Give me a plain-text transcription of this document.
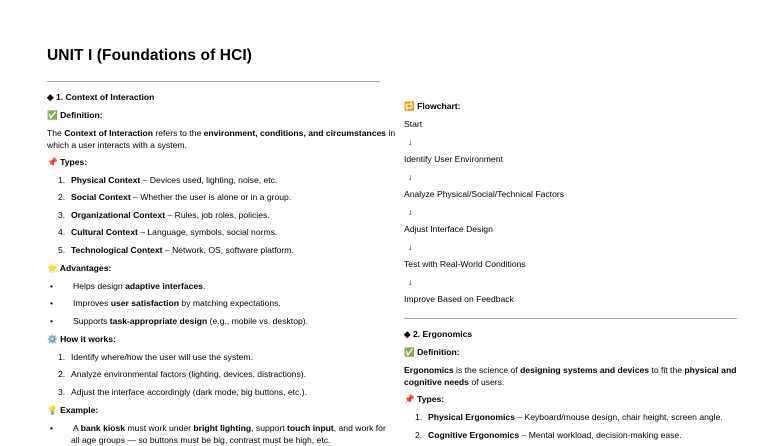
UNIT I (Foundations of HCI)
◆ 1. Context of Interaction
✅ Definition:
The Context of Interaction refers to the environment, conditions, and circumstances in
which a user interacts with a system.
📌 Types:
1. Physical Context – Devices used, lighting, noise, etc.
2. Social Context – Whether the user is alone or in a group.
3. Organizational Context – Rules, job roles, policies.
4. Cultural Context – Language, symbols, social norms.
5. Technological Context – Network, OS, software platform.
🌟 Advantages:
• Helps design adaptive interfaces.
• Improves user satisfaction by matching expectations.
• Supports task-appropriate design (e.g., mobile vs. desktop).
⚙️ How it works:
1. Identify where/how the user will use the system.
2. Analyze environmental factors (lighting, devices, distractions).
3. Adjust the interface accordingly (dark mode, big buttons, etc.).
💡 Example:
• A bank kiosk must work under bright lighting, support touch input, and work for
all age groups — so buttons must be big, contrast must be high, etc.
🔁 Flowchart:
Start
↓
Identify User Environment
↓
Analyze Physical/Social/Technical Factors
↓
Adjust Interface Design
↓
Test with Real-World Conditions
↓
Improve Based on Feedback
◆ 2. Ergonomics
✅ Definition:
Ergonomics is the science of designing systems and devices to fit the physical and
cognitive needs of users.
📌 Types:
1. Physical Ergonomics – Keyboard/mouse design, chair height, screen angle.
2. Cognitive Ergonomics – Mental workload, decision-making ease.
